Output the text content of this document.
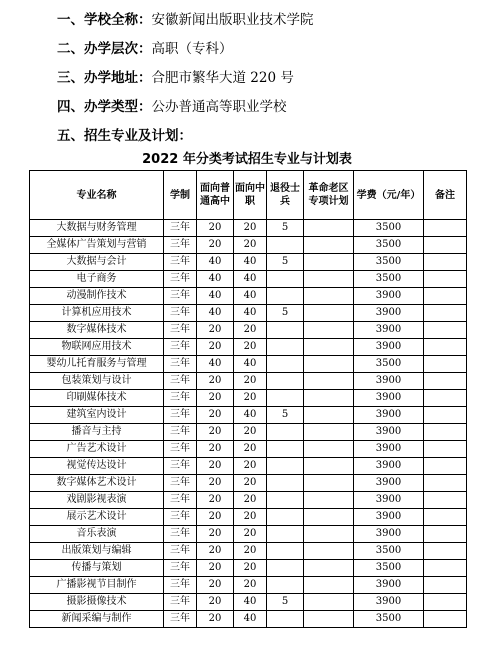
一、学校全称：安徽新闻出版职业技术学院
二、办学层次：高职（专科）
三、办学地址：合肥市繁华大道 220 号
四、办学类型：公办普通高等职业学校
五、招生专业及计划：
2022 年分类考试招生专业与计划表
专业名称	学制	面向普通高中	面向中职	退役士兵	革命老区专项计划	学费（元/年）	备注
大数据与财务管理	三年	20	20	5		3500	
全媒体广告策划与营销	三年	20	20			3500	
大数据与会计	三年	40	40	5		3500	
电子商务	三年	40	40			3500	
动漫制作技术	三年	40	40			3900	
计算机应用技术	三年	40	40	5		3900	
数字媒体技术	三年	20	20			3900	
物联网应用技术	三年	20	20			3900	
婴幼儿托育服务与管理	三年	40	40			3500	
包装策划与设计	三年	20	20			3900	
印刷媒体技术	三年	20	20			3900	
建筑室内设计	三年	20	40	5		3900	
播音与主持	三年	20	20			3900	
广告艺术设计	三年	20	20			3900	
视觉传达设计	三年	20	20			3900	
数字媒体艺术设计	三年	20	20			3900	
戏剧影视表演	三年	20	20			3900	
展示艺术设计	三年	20	20			3900	
音乐表演	三年	20	20			3900	
出版策划与编辑	三年	20	20			3500	
传播与策划	三年	20	20			3500	
广播影视节目制作	三年	20	20			3900	
摄影摄像技术	三年	20	40	5		3900	
新闻采编与制作	三年	20	40			3500	
